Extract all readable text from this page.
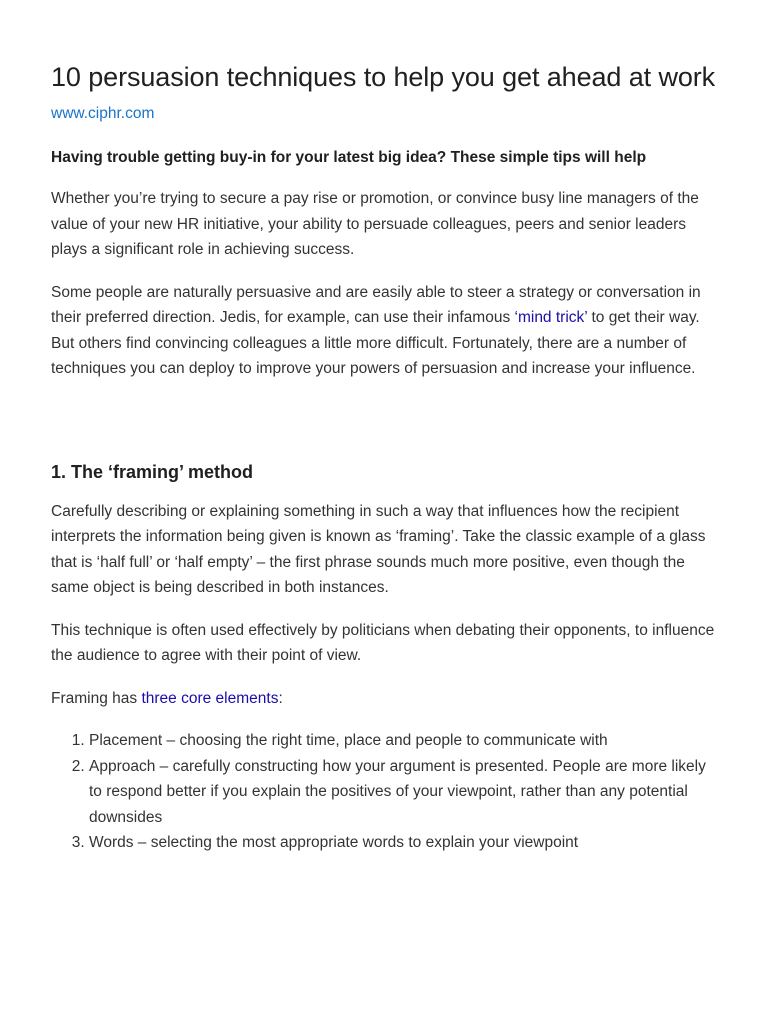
10 persuasion techniques to help you get ahead at work
www.ciphr.com

Having trouble getting buy-in for your latest big idea? These simple tips will help

Whether you’re trying to secure a pay rise or promotion, or convince busy line managers of the value of your new HR initiative, your ability to persuade colleagues, peers and senior leaders plays a significant role in achieving success.

Some people are naturally persuasive and are easily able to steer a strategy or conversation in their preferred direction. Jedis, for example, can use their infamous ‘mind trick’ to get their way. But others find convincing colleagues a little more difficult. Fortunately, there are a number of techniques you can deploy to improve your powers of persuasion and increase your influence.

1. The ‘framing’ method

Carefully describing or explaining something in such a way that influences how the recipient interprets the information being given is known as ‘framing’. Take the classic example of a glass that is ‘half full’ or ‘half empty’ – the first phrase sounds much more positive, even though the same object is being described in both instances.

This technique is often used effectively by politicians when debating their opponents, to influence the audience to agree with their point of view.

Framing has three core elements:

1. Placement – choosing the right time, place and people to communicate with
2. Approach – carefully constructing how your argument is presented. People are more likely to respond better if you explain the positives of your viewpoint, rather than any potential downsides
3. Words – selecting the most appropriate words to explain your viewpoint
